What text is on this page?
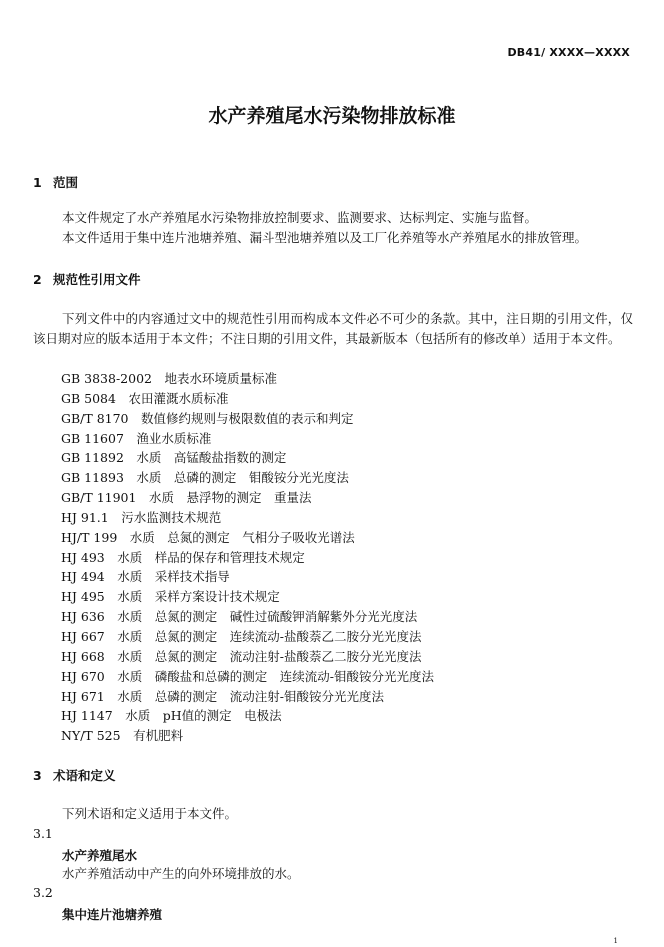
DB41/ XXXX—XXXX
水产养殖尾水污染物排放标准
1 范围
本文件规定了水产养殖尾水污染物排放控制要求、监测要求、达标判定、实施与监督。
本文件适用于集中连片池塘养殖、漏斗型池塘养殖以及工厂化养殖等水产养殖尾水的排放管理。
2 规范性引用文件
下列文件中的内容通过文中的规范性引用而构成本文件必不可少的条款。其中，注日期的引用文件，仅该日期对应的版本适用于本文件；不注日期的引用文件，其最新版本（包括所有的修改单）适用于本文件。
GB 3838-2002　地表水环境质量标准
GB 5084　农田灌溉水质标准
GB/T 8170　数值修约规则与极限数值的表示和判定
GB 11607　渔业水质标准
GB 11892　水质　高锰酸盐指数的测定
GB 11893　水质　总磷的测定　钼酸铵分光光度法
GB/T 11901　水质　悬浮物的测定　重量法
HJ 91.1　污水监测技术规范
HJ/T 199　水质　总氮的测定　气相分子吸收光谱法
HJ 493　水质　样品的保存和管理技术规定
HJ 494　水质　采样技术指导
HJ 495　水质　采样方案设计技术规定
HJ 636　水质　总氮的测定　碱性过硫酸钾消解紫外分光光度法
HJ 667　水质　总氮的测定　连续流动-盐酸萘乙二胺分光光度法
HJ 668　水质　总氮的测定　流动注射-盐酸萘乙二胺分光光度法
HJ 670　水质　磷酸盐和总磷的测定　连续流动-钼酸铵分光光度法
HJ 671　水质　总磷的测定　流动注射-钼酸铵分光光度法
HJ 1147　水质　pH值的测定　电极法
NY/T 525　有机肥料
3 术语和定义
下列术语和定义适用于本文件。
3.1
水产养殖尾水
水产养殖活动中产生的向外环境排放的水。
3.2
集中连片池塘养殖
1
